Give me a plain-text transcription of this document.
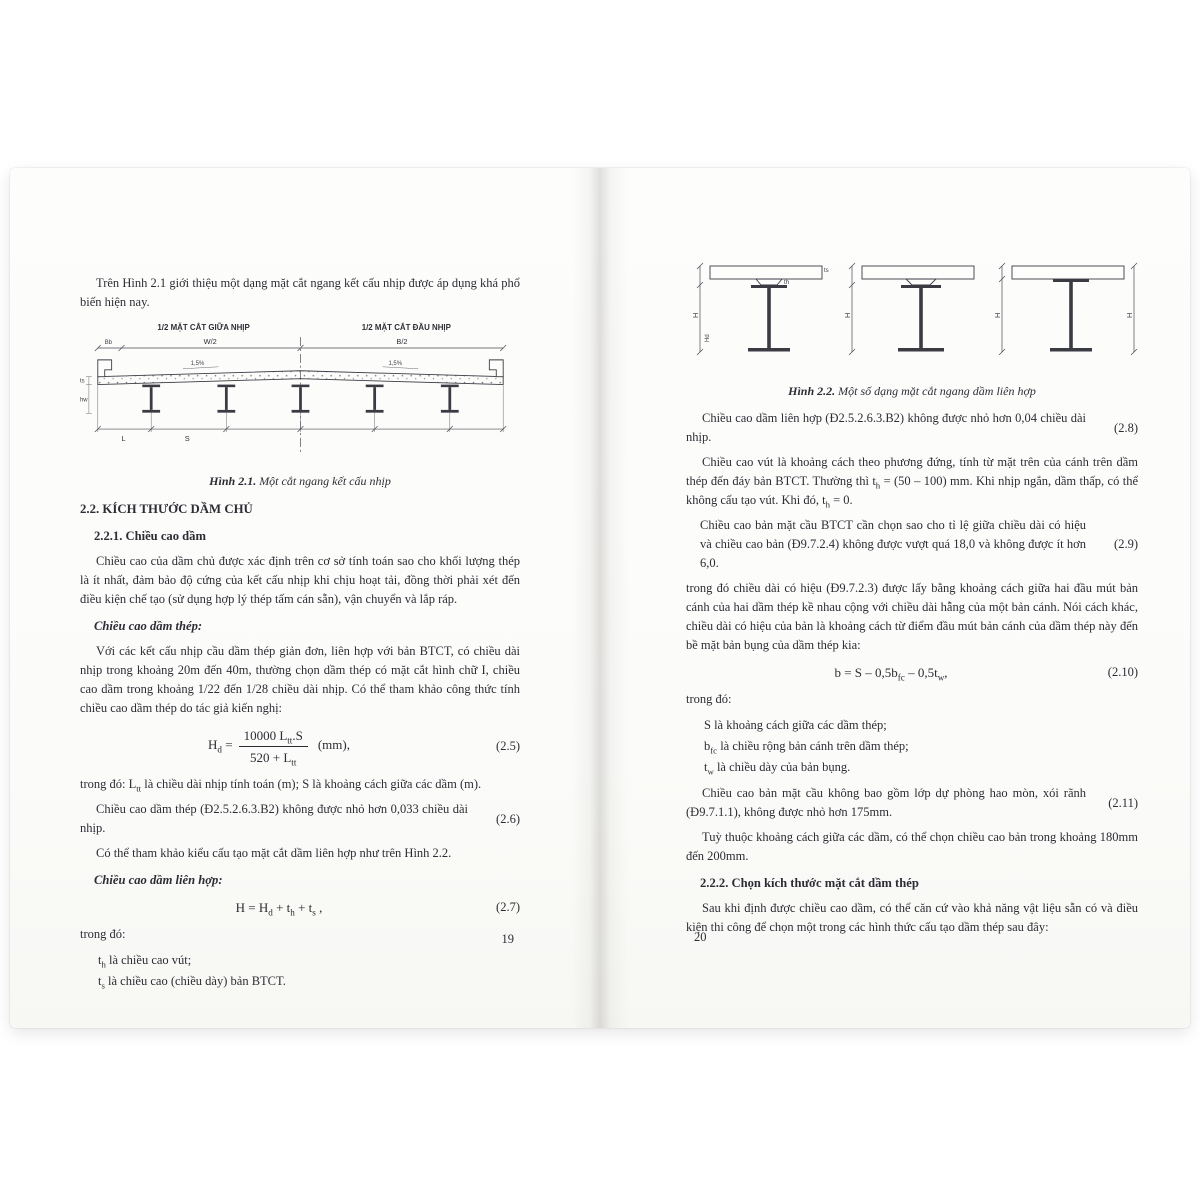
Trên Hình 2.1 giới thiệu một dạng mặt cắt ngang kết cấu nhịp được áp dụng khá phổ biến hiện nay.

1/2 MẶT CẮT GIỮA NHỊP	1/2 MẶT CẮT ĐẦU NHỊP
Bb	W/2	B/2
1,5%	1,5%
L	S
ts
hw

Hình 2.1. Một cắt ngang kết cấu nhịp

2.2. KÍCH THƯỚC DẦM CHỦ
2.2.1. Chiều cao dầm

Chiều cao của dầm chủ được xác định trên cơ sở tính toán sao cho khối lượng thép là ít nhất, đảm bảo độ cứng của kết cấu nhịp khi chịu hoạt tải, đồng thời phải xét đến điều kiện chế tạo (sử dụng hợp lý thép tấm cán sẵn), vận chuyển và lắp ráp.

Chiều cao dầm thép:

Với các kết cấu nhịp cầu dầm thép giản đơn, liên hợp với bản BTCT, có chiều dài nhịp trong khoảng 20m đến 40m, thường chọn dầm thép có mặt cắt hình chữ I, chiều cao dầm trong khoảng 1/22 đến 1/28 chiều dài nhịp. Có thể tham khảo công thức tính chiều cao dầm thép do tác giả kiến nghị:

$H_d = \frac{10000 L_{tt}.S}{520 + L_{tt}} (mm)$,	(2.5)

trong đó: $L_{tt}$ là chiều dài nhịp tính toán (m); S là khoảng cách giữa các dầm (m).

Chiều cao dầm thép (Đ2.5.2.6.3.B2) không được nhỏ hơn 0,033 chiều dài nhịp.
(2.6)

Có thể tham khảo kiểu cấu tạo mặt cắt dầm liên hợp như trên Hình 2.2.

Chiều cao dầm liên hợp:
$H = H_d + t_h + t_s$ ,	(2.7)

trong đó:

$t_h$ là chiều cao vút;

$t_s$ là chiều cao (chiều dày) bản BTCT.

19
H
Hd
ts
th
H	H	H

Hình 2.2. Một số dạng mặt cắt ngang dầm liên hợp

Chiều cao dầm liên hợp (Đ2.5.2.6.3.B2) không được nhỏ hơn 0,04 chiều dài nhịp.
(2.8)

Chiều cao vút là khoảng cách theo phương đứng, tính từ mặt trên của cánh trên dầm thép đến đáy bản BTCT. Thường thì $t_h = (50 - 100)$ mm. Khi nhịp ngắn, dầm thấp, có thể không cấu tạo vút. Khi đó, $t_h = 0$.

Chiều cao bản mặt cầu BTCT cần chọn sao cho tỉ lệ giữa chiều dài có hiệu và chiều cao bản (Đ9.7.2.4) không được vượt quá 18,0 và không được ít hơn 6,0.
(2.9)

trong đó chiều dài có hiệu (Đ9.7.2.3) được lấy bằng khoảng cách giữa hai đầu mút bản cánh của hai dầm thép kề nhau cộng với chiều dài hẫng của một bản cánh. Nói cách khác, chiều dài có hiệu của bản là khoảng cách từ điểm đầu mút bản cánh của dầm thép này đến bề mặt bản bụng của dầm thép kia:

$b = S - 0,5b_{fc} - 0,5t_w$,	(2.10)

trong đó:

S là khoảng cách giữa các dầm thép;

$b_{fc}$ là chiều rộng bản cánh trên dầm thép;

$t_w$ là chiều dày của bản bụng.

Chiều cao bản mặt cầu không bao gồm lớp dự phòng hao mòn, xói rãnh (Đ9.7.1.1), không được nhỏ hơn 175mm.
(2.11)

Tuỳ thuộc khoảng cách giữa các dầm, có thể chọn chiều cao bản trong khoảng 180mm đến 200mm.

2.2.2. Chọn kích thước mặt cắt dầm thép

Sau khi định được chiều cao dầm, có thể căn cứ vào khả năng vật liệu sẵn có và điều kiện thi công để chọn một trong các hình thức cấu tạo dầm thép sau đây:

20
